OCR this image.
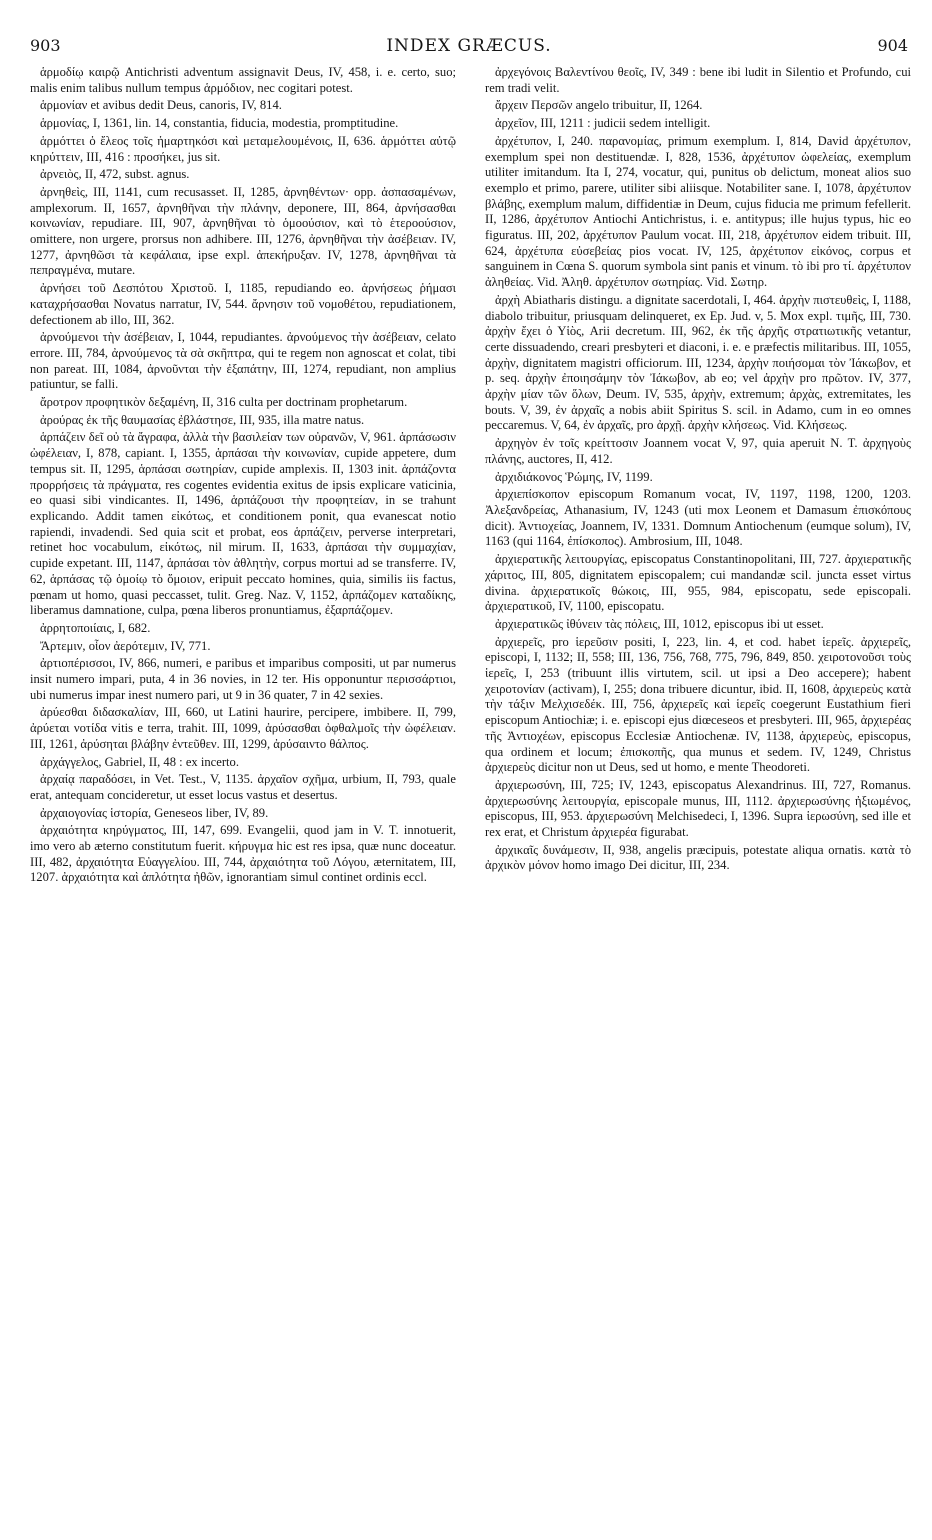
903	INDEX GRÆCUS.	904

ἁρμοδίῳ καιρῷ Antichristi adventum assignavit Deus, IV, 458, i. e. certo, suo; malis enim talibus nullum tempus ἁρμόδιον, nec cogitari potest.

ἁρμονίαν et avibus dedit Deus, canoris, IV, 814.

ἁρμονίας, I, 1361, lin. 14, constantia, fiducia, modestia, promptitudine.

ἁρμόττει ὁ ἔλεος τοῖς ἡμαρτηκόσι καὶ μεταμελουμένοις, II, 636. ἁρμόττει αὐτῷ κηρύττειν, III, 416 : προσήκει, jus sit.

ἀρνειὸς, II, 472, subst. agnus.

ἀρνηθεὶς, III, 1141, cum recusasset. II, 1285, ἀρνηθέντων· opp. ἀσπασαμένων, amplexorum. II, 1657, ἀρνηθῆναι τὴν πλάνην, deponere, III, 864, ἀρνήσασθαι κοινωνίαν, repudiare. III, 907, ἀρνηθῆναι τὸ ὁμοούσιον, καὶ τὸ ἑτεροούσιον, omittere, non urgere, prorsus non adhibere. III, 1276, ἀρνηθῆναι τὴν ἀσέβειαν. IV, 1277, ἀρνηθῶσι τὰ κεφάλαια, ipse expl. ἀπεκήρυξαν. IV, 1278, ἀρνηθῆναι τὰ πεπραγμένα, mutare.

ἀρνήσει τοῦ Δεσπότου Χριστοῦ. I, 1185, repudiando eo. ἀρνήσεως ῥήμασι καταχρήσασθαι Novatus narratur, IV, 544. ἄρνησιν τοῦ νομοθέτου, repudiationem, defectionem ab illo, III, 362.

ἀρνούμενοι τὴν ἀσέβειαν, I, 1044, repudiantes. ἀρνούμενος τὴν ἀσέβειαν, celato errore. III, 784, ἀρνούμενος τὰ σὰ σκῆπτρα, qui te regem non agnoscat et colat, tibi non pareat. III, 1084, ἀρνοῦνται τὴν ἐξαπάτην, III, 1274, repudiant, non amplius patiuntur, se falli.

ἄροτρον προφητικὸν δεξαμένη, II, 316 culta per doctrinam prophetarum.

ἀρούρας ἐκ τῆς θαυμασίας ἐβλάστησε, III, 935, illa matre natus.

ἁρπάζειν δεῖ οὐ τὰ ἄγραφα, ἀλλὰ τὴν βασιλείαν των οὐρανῶν, V, 961. ἁρπάσωσιν ὠφέλειαν, I, 878, capiant. I, 1355, ἁρπάσαι τὴν κοινωνίαν, cupide appetere, dum tempus sit. II, 1295, ἁρπάσαι σωτηρίαν, cupide amplexis. II, 1303 init. ἁρπάζοντα προρρήσεις τὰ πράγματα, res cogentes evidentia exitus de ipsis explicare vaticinia, eo quasi sibi vindicantes. II, 1496, ἁρπάζουσι τὴν προφητείαν, in se trahunt explicando. Addit tamen εἰκότως, et conditionem ponit, qua evanescat notio rapiendi, invadendi. Sed quia scit et probat, eos ἁρπάζειν, perverse interpretari, retinet hoc vocabulum, εἰκότως, nil mirum. II, 1633, ἁρπάσαι τὴν συμμαχίαν, cupide expetant. III, 1147, ἁρπάσαι τὸν ἀθλητὴν, corpus mortui ad se transferre. IV, 62, ἁρπάσας τῷ ὁμοίῳ τὸ ὅμοιον, eripuit peccato homines, quia, similis iis factus, pœnam ut homo, quasi peccasset, tulit. Greg. Naz. V, 1152, ἁρπάζομεν καταδίκης, liberamus damnatione, culpa, pœna liberos pronuntiamus, ἐξαρπάζομεν.

ἀρρητοποιίαις, I, 682.

Ἄρτεμιν, οἷον ἀερότεμιν, IV, 771.

ἀρτιοπέρισσοι, IV, 866, numeri, e paribus et imparibus compositi, ut par numerus insit numero impari, puta, 4 in 36 novies, in 12 ter. His opponuntur περισσάρτιοι, ubi numerus impar inest numero pari, ut 9 in 36 quater, 7 in 42 sexies.

ἀρύεσθαι διδασκαλίαν, III, 660, ut Latini haurire, percipere, imbibere. II, 799, ἀρύεται νοτίδα vitis e terra, trahit. III, 1099, ἀρύσασθαι ὀφθαλμοῖς τὴν ὠφέλειαν. III, 1261, ἀρύσηται βλάβην ἐντεῦθεν. III, 1299, ἀρύσαιντο θάλπος.

ἀρχάγγελος, Gabriel, II, 48 : ex incerto.

ἀρχαίᾳ παραδόσει, in Vet. Test., V, 1135. ἀρχαῖον σχῆμα, urbium, II, 793, quale erat, antequam concideretur, ut esset locus vastus et desertus.

ἀρχαιογονίας ἱστορία, Geneseos liber, IV, 89.

ἀρχαιότητα κηρύγματος, III, 147, 699. Evangelii, quod jam in V. T. innotuerit, imo vero ab æterno constitutum fuerit. κήρυγμα hic est res ipsa, quæ nunc doceatur. III, 482, ἀρχαιότητα Εὐαγγελίου. III, 744, ἀρχαιότητα τοῦ Λόγου, æternitatem, III, 1207. ἀρχαιότητα καὶ ἁπλότητα ἠθῶν, ignorantiam simul continet ordinis eccl.

ἀρχεγόνοις Βαλεντίνου θεοῖς, IV, 349 : bene ibi ludit in Silentio et Profundo, cui rem tradi velit.

ἄρχειν Περσῶν angelo tribuitur, II, 1264.

ἀρχεῖον, III, 1211 : judicii sedem intelligit.

ἀρχέτυπον, I, 240. παρανομίας, primum exemplum. I, 814, David ἀρχέτυπον, exemplum spei non destituendæ. I, 828, 1536, ἀρχέτυπον ὠφελείας, exemplum utiliter imitandum. Ita I, 274, vocatur, qui, punitus ob delictum, moneat alios suo exemplo et primo, parere, utiliter sibi aliisque. Notabiliter sane. I, 1078, ἀρχέτυπον βλάβης, exemplum malum, diffidentiæ in Deum, cujus fiducia me primum fefellerit. II, 1286, ἀρχέτυπον Antiochi Antichristus, i. e. antitypus; ille hujus typus, hic eo figuratus. III, 202, ἀρχέτυπον Paulum vocat. III, 218, ἀρχέτυπον eidem tribuit. III, 624, ἀρχέτυπα εὐσεβείας pios vocat. IV, 125, ἀρχέτυπον εἰκόνος, corpus et sanguinem in Cœna S. quorum symbola sint panis et vinum. τὸ ibi pro τί. ἀρχέτυπον ἀληθείας. Vid. Ἀληθ. ἀρχέτυπον σωτηρίας. Vid. Σωτηρ.

ἀρχὴ Abiatharis distingu. a dignitate sacerdotali, I, 464. ἀρχὴν πιστευθεὶς, I, 1188, diabolo tribuitur, priusquam delinqueret, ex Ep. Jud. v, 5. Mox expl. τιμῆς, III, 730. ἀρχὴν ἔχει ὁ Υἱὸς, Arii decretum. III, 962, ἐκ τῆς ἀρχῆς στρατιωτικῆς vetantur, certe dissuadendo, creari presbyteri et diaconi, i. e. e præfectis militaribus. III, 1055, ἀρχὴν, dignitatem magistri officiorum. III, 1234, ἀρχὴν ποιήσομαι τὸν Ἰάκωβον, et p. seq. ἀρχὴν ἐποιησάμην τὸν Ἰάκωβον, ab eo; vel ἀρχὴν pro πρῶτον. IV, 377, ἀρχὴν μίαν τῶν ὅλων, Deum. IV, 535, ἀρχὴν, extremum; ἀρχὰς, extremitates, les bouts. V, 39, ἐν ἀρχαῖς a nobis abiit Spiritus S. scil. in Adamo, cum in eo omnes peccaremus. V, 64, ἐν ἀρχαῖς, pro ἀρχῇ. ἀρχὴν κλήσεως. Vid. Κλήσεως.

ἀρχηγὸν ἐν τοῖς κρείττοσιν Joannem vocat V, 97, quia aperuit N. T. ἀρχηγοὺς πλάνης, auctores, II, 412.

ἀρχιδιάκονος Ῥώμης, IV, 1199.

ἀρχιεπίσκοπον episcopum Romanum vocat, IV, 1197, 1198, 1200, 1203. Ἀλεξανδρείας, Athanasium, IV, 1243 (uti mox Leonem et Damasum ἐπισκόπους dicit). Ἀντιοχείας, Joannem, IV, 1331. Domnum Antiochenum (eumque solum), IV, 1163 (qui 1164, ἐπίσκοπος). Ambrosium, III, 1048.

ἀρχιερατικῆς λειτουργίας, episcopatus Constantinopolitani, III, 727. ἀρχιερατικῆς χάριτος, III, 805, dignitatem episcopalem; cui mandandæ scil. juncta esset virtus divina. ἀρχιερατικοῖς θώκοις, III, 955, 984, episcopatu, sede episcopali. ἀρχιερατικοῦ, IV, 1100, episcopatu.

ἀρχιερατικῶς ἰθύνειν τὰς πόλεις, III, 1012, episcopus ibi ut esset.

ἀρχιερεῖς, pro ἱερεῦσιν positi, I, 223, lin. 4, et cod. habet ἱερεῖς. ἀρχιερεῖς, episcopi, I, 1132; II, 558; III, 136, 756, 768, 775, 796, 849, 850. χειροτονοῦσι τοὺς ἱερεῖς, I, 253 (tribuunt illis virtutem, scil. ut ipsi a Deo accepere); habent χειροτονίαν (activam), I, 255; dona tribuere dicuntur, ibid. II, 1608, ἀρχιερεὺς κατὰ τὴν τάξιν Μελχισεδέκ. III, 756, ἀρχιερεῖς καὶ ἱερεῖς coegerunt Eustathium fieri episcopum Antiochiæ; i. e. episcopi ejus diœceseos et presbyteri. III, 965, ἀρχιερέας τῆς Ἀντιοχέων, episcopus Ecclesiæ Antiochenæ. IV, 1138, ἀρχιερεὺς, episcopus, qua ordinem et locum; ἐπισκοπῆς, qua munus et sedem. IV, 1249, Christus ἀρχιερεὺς dicitur non ut Deus, sed ut homo, e mente Theodoreti.

ἀρχιερωσύνη, III, 725; IV, 1243, episcopatus Alexandrinus. III, 727, Romanus. ἀρχιερωσύνης λειτουργία, episcopale munus, III, 1112. ἀρχιερωσύνης ἠξιωμένος, episcopus, III, 953. ἀρχιερωσύνη Melchisedeci, I, 1396. Supra ἱερωσύνη, sed ille et rex erat, et Christum ἀρχιερέα figurabat.

ἀρχικαῖς δυνάμεσιν, II, 938, angelis præcipuis, potestate aliqua ornatis. κατὰ τὸ ἀρχικὸν μόνον homo imago Dei dicitur, III, 234.
